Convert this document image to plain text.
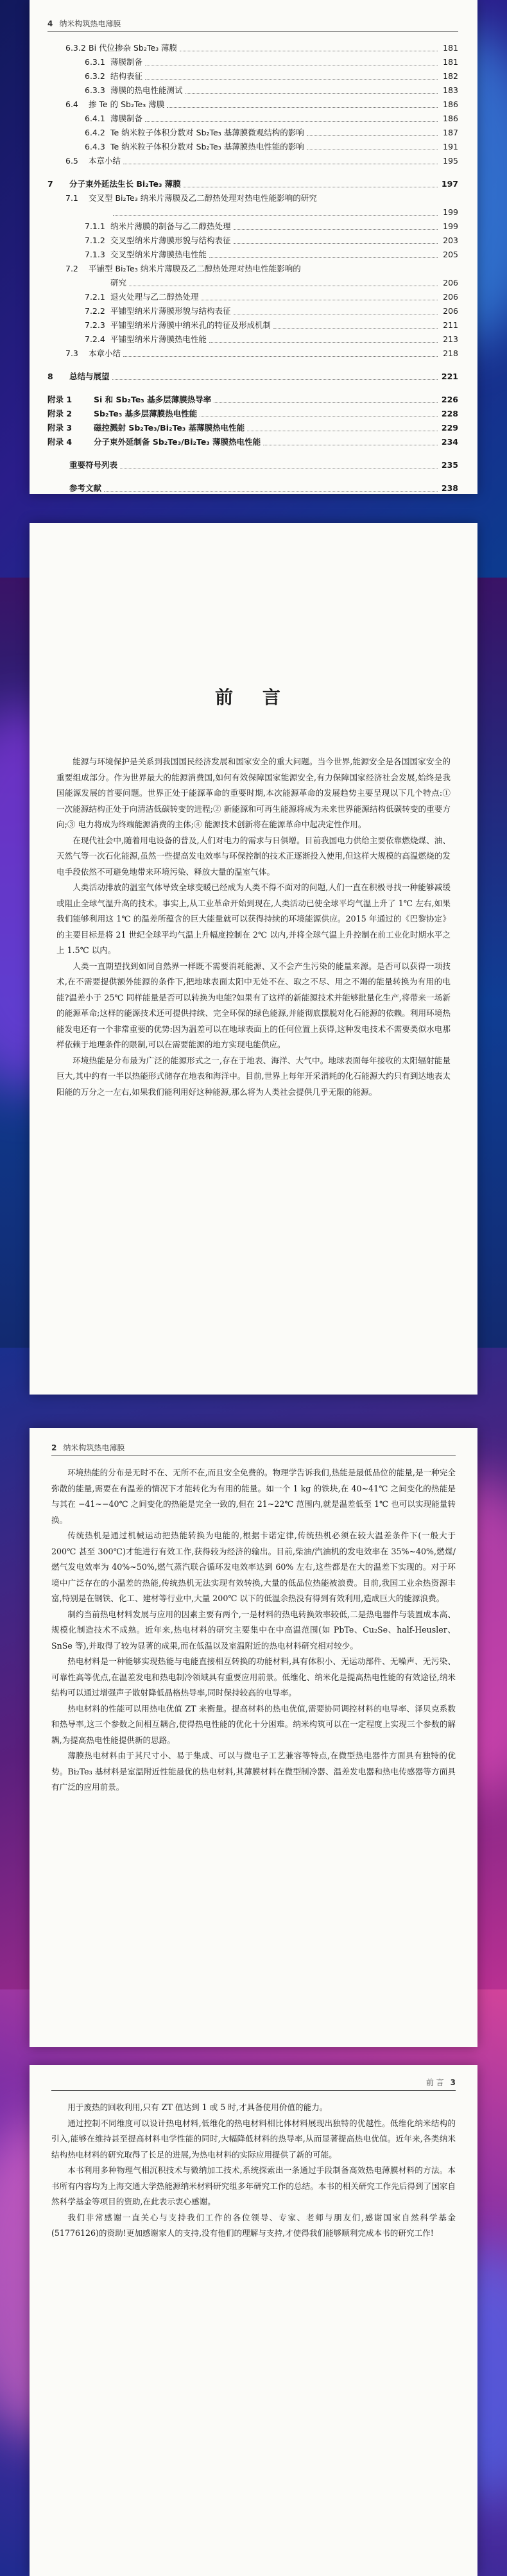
4 纳米构筑热电薄膜
6.3.2 Bi 代位掺杂 Sb₂Te₃ 薄膜	181
6.3.1 薄膜制备	181
6.3.2 结构表征	182
6.3.3 薄膜的热电性能测试	183
6.4	掺 Te 的 Sb₂Te₃ 薄膜	186
6.4.1 薄膜制备	186
6.4.2 Te 纳米粒子体积分数对 Sb₂Te₃ 基薄膜微观结构的影响	187
6.4.3 Te 纳米粒子体积分数对 Sb₂Te₃ 基薄膜热电性能的影响	191
6.5	本章小结	195
7	分子束外延法生长 Bi₂Te₃ 薄膜	197
7.1	交叉型 Bi₂Te₃ 纳米片薄膜及乙二醇热处理对热电性能影响的研究
199
7.1.1 纳米片薄膜的制备与乙二醇热处理	199
7.1.2 交叉型纳米片薄膜形貌与结构表征	203
7.1.3 交叉型纳米片薄膜热电性能	205
7.2	平铺型 Bi₂Te₃ 纳米片薄膜及乙二醇热处理对热电性能影响的
研究	206
7.2.1 退火处理与乙二醇热处理	206
7.2.2 平铺型纳米片薄膜形貌与结构表征	206
7.2.3 平铺型纳米片薄膜中纳米孔的特征及形成机制	211
7.2.4 平铺型纳米片薄膜热电性能	213
7.3	本章小结	218
8	总结与展望	221
附录 1	Si 和 Sb₂Te₃ 基多层薄膜热导率	226
附录 2	Sb₂Te₃ 基多层薄膜热电性能	228
附录 3	磁控溅射 Sb₂Te₃/Bi₂Te₃ 基薄膜热电性能	229
附录 4	分子束外延制备 Sb₂Te₃/Bi₂Te₃ 薄膜热电性能	234
重要符号列表	235
参考文献	238
前 言

能源与环境保护是关系到我国国民经济发展和国家安全的重大问题。当今世界,能源安全是各国国家安全的重要组成部分。作为世界最大的能源消费国,如何有效保障国家能源安全,有力保障国家经济社会发展,始终是我国能源发展的首要问题。世界正处于能源革命的重要时期,本次能源革命的发展趋势主要呈现以下几个特点:① 一次能源结构正处于向清洁低碳转变的进程;② 新能源和可再生能源将成为未来世界能源结构低碳转变的重要方向;③ 电力将成为终端能源消费的主体;④ 能源技术创新将在能源革命中起决定性作用。

在现代社会中,随着用电设备的普及,人们对电力的需求与日俱增。目前我国电力供给主要依靠燃烧煤、油、天然气等一次石化能源,虽然一些提高发电效率与环保控制的技术正逐渐投入使用,但这样大规模的高温燃烧的发电手段依然不可避免地带来环境污染、释放大量的温室气体。

人类活动排放的温室气体导致全球变暖已经成为人类不得不面对的问题,人们一直在积极寻找一种能够减缓或阻止全球气温升高的技术。事实上,从工业革命开始到现在,人类活动已使全球平均气温上升了 1℃ 左右,如果我们能够利用这 1℃ 的温差所蕴含的巨大能量就可以获得持续的环境能源供应。2015 年通过的《巴黎协定》的主要目标是将 21 世纪全球平均气温上升幅度控制在 2℃ 以内,并将全球气温上升控制在前工业化时期水平之上 1.5℃ 以内。

人类一直期望找到如同自然界一样既不需要消耗能源、又不会产生污染的能量来源。是否可以获得一项技术,在不需要提供额外能源的条件下,把地球表面太阳中无处不在、取之不尽、用之不竭的能量转换为有用的电能?温差小于 25℃ 同样能量是否可以转换为电能?如果有了这样的新能源技术并能够批量化生产,将带来一场新的能源革命;这样的能源技术还可提供持续、完全环保的绿色能源,并能彻底摆脱对化石能源的依赖。利用环境热能发电还有一个非常重要的优势:因为温差可以在地球表面上的任何位置上获得,这种发电技术不需要类似水电那样依赖于地理条件的限制,可以在需要能源的地方实现电能供应。

环境热能是分布最为广泛的能源形式之一,存在于地表、海洋、大气中。地球表面每年接收的太阳辐射能量巨大,其中约有一半以热能形式储存在地表和海洋中。目前,世界上每年开采消耗的化石能源大约只有到达地表太阳能的万分之一左右,如果我们能利用好这种能源,那么将为人类社会提供几乎无限的能源。

2 纳米构筑热电薄膜

环境热能的分布是无时不在、无所不在,而且安全免费的。物理学告诉我们,热能是最低品位的能量,是一种完全弥散的能量,需要在有温差的情况下才能转化为有用的能量。如一个 1 kg 的铁块,在 40~41℃ 之间变化的热能是与其在 −41~−40℃ 之间变化的热能是完全一致的,但在 21~22℃ 范围内,就是温差低至 1℃ 也可以实现能量转换。

传统热机是通过机械运动把热能转换为电能的,根据卡诺定律,传统热机必须在较大温差条件下(一般大于 200℃ 甚至 300℃)才能进行有效工作,获得较为经济的输出。目前,柴油/汽油机的发电效率在 35%~40%,燃煤/燃气发电效率为 40%~50%,燃气蒸汽联合循环发电效率达到 60% 左右,这些都是在大的温差下实现的。对于环境中广泛存在的小温差的热能,传统热机无法实现有效转换,大量的低品位热能被浪费。目前,我国工业余热资源丰富,特别是在钢铁、化工、建材等行业中,大量 200℃ 以下的低温余热没有得到有效利用,造成巨大的能源浪费。

制约当前热电材料发展与应用的因素主要有两个,一是材料的热电转换效率较低,二是热电器件与装置成本高、规模化制造技术不成熟。近年来,热电材料的研究主要集中在中高温范围(如 PbTe、Cu₂Se、half-Heusler、SnSe 等),并取得了较为显著的成果,而在低温以及室温附近的热电材料研究相对较少。

热电材料是一种能够实现热能与电能直接相互转换的功能材料,具有体积小、无运动部件、无噪声、无污染、可靠性高等优点,在温差发电和热电制冷领域具有重要应用前景。低维化、纳米化是提高热电性能的有效途径,纳米结构可以通过增强声子散射降低晶格热导率,同时保持较高的电导率。

热电材料的性能可以用热电优值 ZT 来衡量。提高材料的热电优值,需要协同调控材料的电导率、泽贝克系数和热导率,这三个参数之间相互耦合,使得热电性能的优化十分困难。纳米构筑可以在一定程度上实现三个参数的解耦,为提高热电性能提供新的思路。

薄膜热电材料由于其尺寸小、易于集成、可以与微电子工艺兼容等特点,在微型热电器件方面具有独特的优势。Bi₂Te₃ 基材料是室温附近性能最优的热电材料,其薄膜材料在微型制冷器、温差发电器和热电传感器等方面具有广泛的应用前景。

前 言 3

用于废热的回收利用,只有 ZT 值达到 1 或 5 时,才具备使用价值的能力。

通过控制不同维度可以设计热电材料,低维化的热电材料相比体材料展现出独特的优越性。低维化纳米结构的引入,能够在维持甚至提高材料电学性能的同时,大幅降低材料的热导率,从而显著提高热电优值。近年来,各类纳米结构热电材料的研究取得了长足的进展,为热电材料的实际应用提供了新的可能。

本书利用多种物理气相沉积技术与微纳加工技术,系统探索出一条通过手段制备高效热电薄膜材料的方法。本书所有内容均为上海交通大学热能源纳米材料研究组多年研究工作的总结。本书的相关研究工作先后得到了国家自然科学基金等项目的资助,在此表示衷心感谢。

我们非常感谢一直关心与支持我们工作的各位领导、专家、老师与朋友们,感谢国家自然科学基金(51776126)的资助!更加感谢家人的支持,没有他们的理解与支持,才使得我们能够顺利完成本书的研究工作!
